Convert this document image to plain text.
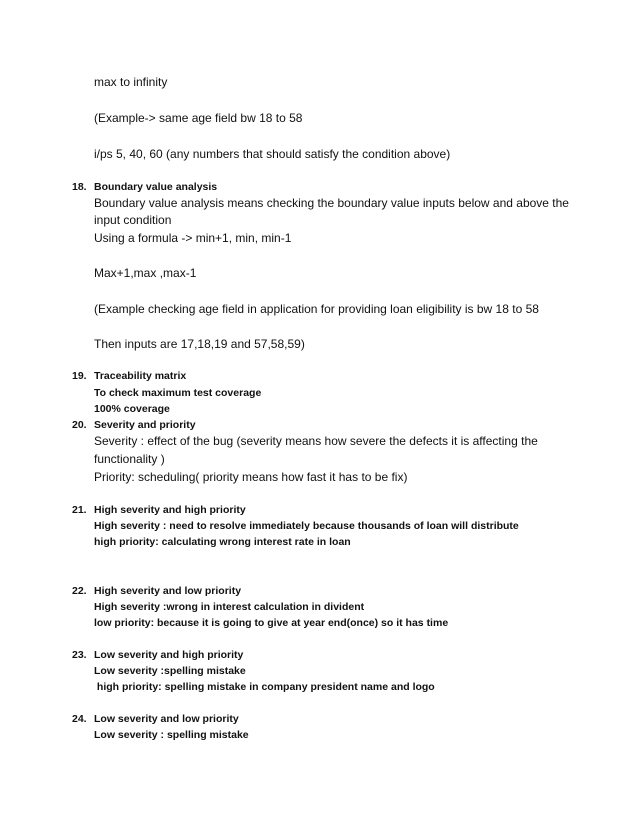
max to infinity
(Example-> same age field bw 18 to 58
i/ps 5, 40, 60 (any numbers that should satisfy the condition above)
18. Boundary value analysis
Boundary value analysis means checking the boundary value inputs below and above the
input condition
Using a formula -> min+1, min, min-1
Max+1,max ,max-1
(Example checking age field in application for providing loan eligibility is bw 18 to 58
Then inputs are 17,18,19 and 57,58,59)
19. Traceability matrix
To check maximum test coverage
100% coverage
20. Severity and priority
Severity : effect of the bug (severity means how severe the defects it is affecting the
functionality )
Priority: scheduling( priority means how fast it has to be fix)
21. High severity and high priority
High severity : need to resolve immediately because thousands of loan will distribute
high priority: calculating wrong interest rate in loan
22. High severity and low priority
High severity :wrong in interest calculation in divident
low priority: because it is going to give at year end(once) so it has time
23. Low severity and high priority
Low severity :spelling mistake
high priority: spelling mistake in company president name and logo
24. Low severity and low priority
Low severity : spelling mistake
